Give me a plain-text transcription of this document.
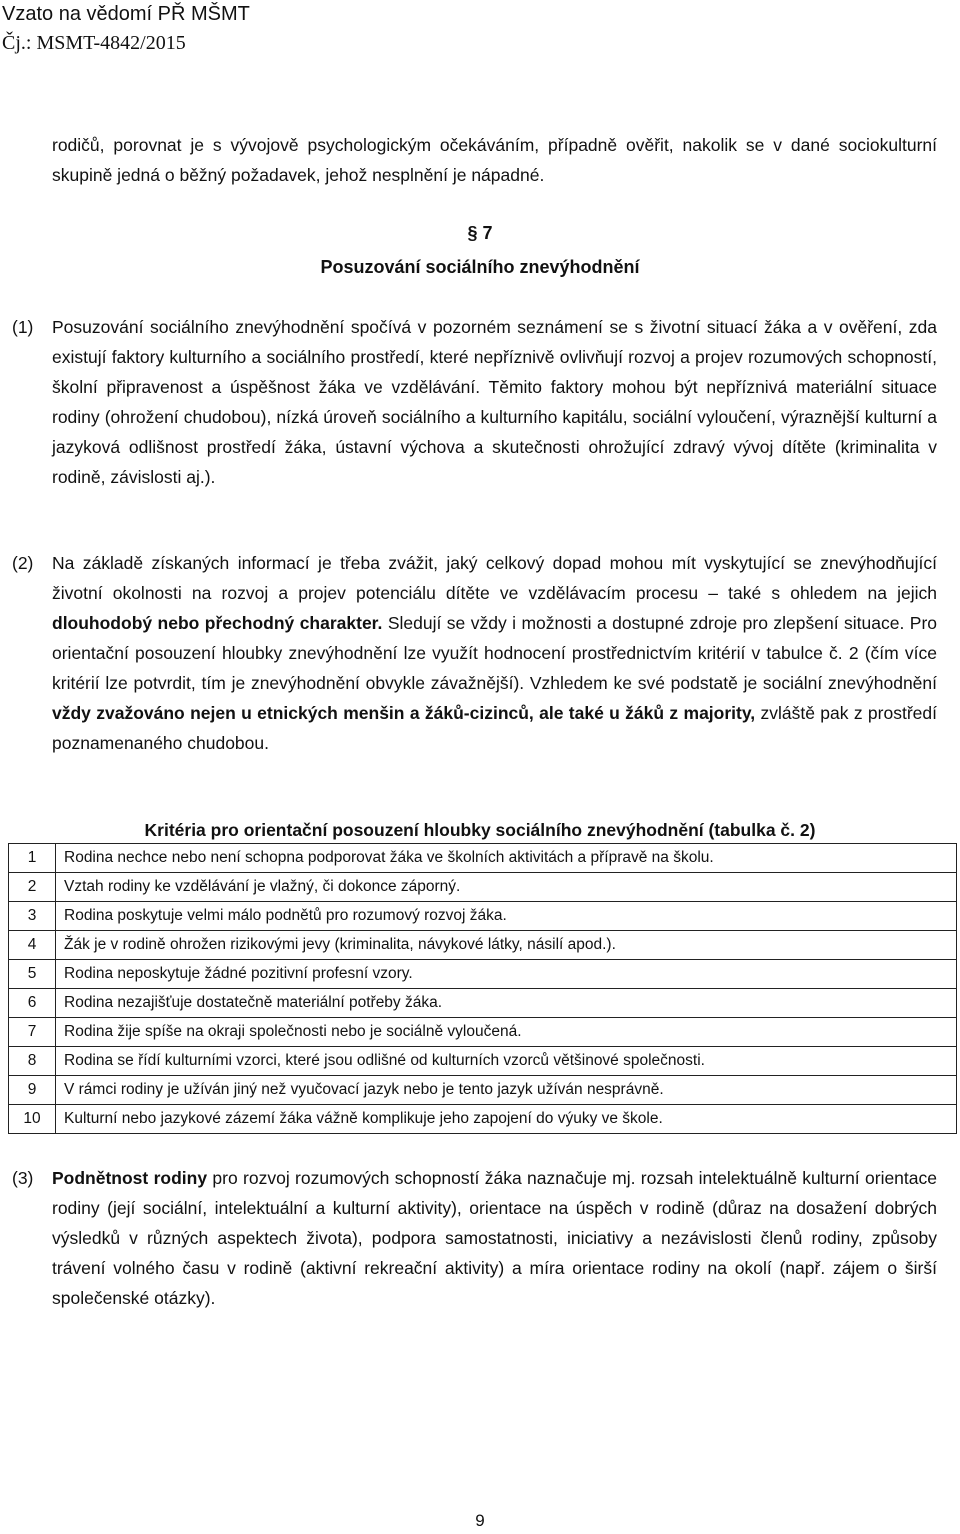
Vzato na vědomí PŘ MŠMT
Čj.: MSMT-4842/2015
rodičů, porovnat je s vývojově psychologickým očekáváním, případně ověřit, nakolik se v dané sociokulturní skupině jedná o běžný požadavek, jehož nesplnění je nápadné.
§ 7
Posuzování sociálního znevýhodnění
(1) Posuzování sociálního znevýhodnění spočívá v pozorném seznámení se s životní situací žáka a v ověření, zda existují faktory kulturního a sociálního prostředí, které nepříznivě ovlivňují rozvoj a projev rozumových schopností, školní připravenost a úspěšnost žáka ve vzdělávání. Těmito faktory mohou být nepříznivá materiální situace rodiny (ohrožení chudobou), nízká úroveň sociálního a kulturního kapitálu, sociální vyloučení, výraznější kulturní a jazyková odlišnost prostředí žáka, ústavní výchova a skutečnosti ohrožující zdravý vývoj dítěte (kriminalita v rodině, závislosti aj.).
(2) Na základě získaných informací je třeba zvážit, jaký celkový dopad mohou mít vyskytující se znevýhodňující životní okolnosti na rozvoj a projev potenciálu dítěte ve vzdělávacím procesu – také s ohledem na jejich dlouhodobý nebo přechodný charakter. Sledují se vždy i možnosti a dostupné zdroje pro zlepšení situace. Pro orientační posouzení hloubky znevýhodnění lze využít hodnocení prostřednictvím kritérií v tabulce č. 2 (čím více kritérií lze potvrdit, tím je znevýhodnění obvykle závažnější). Vzhledem ke své podstatě je sociální znevýhodnění vždy zvažováno nejen u etnických menšin a žáků-cizinců, ale také u žáků z majority, zvláště pak z prostředí poznamenaného chudobou.
Kritéria pro orientační posouzení hloubky sociálního znevýhodnění (tabulka č. 2)
1	Rodina nechce nebo není schopna podporovat žáka ve školních aktivitách a přípravě na školu.
2	Vztah rodiny ke vzdělávání je vlažný, či dokonce záporný.
3	Rodina poskytuje velmi málo podnětů pro rozumový rozvoj žáka.
4	Žák je v rodině ohrožen rizikovými jevy (kriminalita, návykové látky, násilí apod.).
5	Rodina neposkytuje žádné pozitivní profesní vzory.
6	Rodina nezajišťuje dostatečně materiální potřeby žáka.
7	Rodina žije spíše na okraji společnosti nebo je sociálně vyloučená.
8	Rodina se řídí kulturními vzorci, které jsou odlišné od kulturních vzorců většinové společnosti.
9	V rámci rodiny je užíván jiný než vyučovací jazyk nebo je tento jazyk užíván nesprávně.
10	Kulturní nebo jazykové zázemí žáka vážně komplikuje jeho zapojení do výuky ve škole.
(3) Podnětnost rodiny pro rozvoj rozumových schopností žáka naznačuje mj. rozsah intelektuálně kulturní orientace rodiny (její sociální, intelektuální a kulturní aktivity), orientace na úspěch v rodině (důraz na dosažení dobrých výsledků v různých aspektech života), podpora samostatnosti, iniciativy a nezávislosti členů rodiny, způsoby trávení volného času v rodině (aktivní rekreační aktivity) a míra orientace rodiny na okolí (např. zájem o širší společenské otázky).
9
